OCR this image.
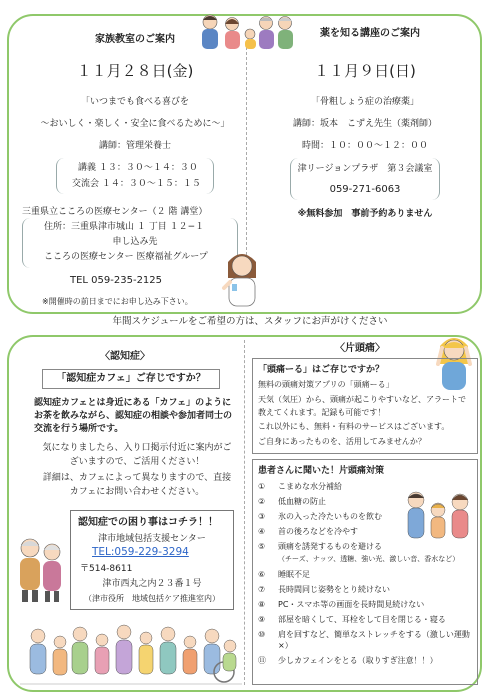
家族教室のご案内
１１月２８日(金)
「いつまでも食べる喜びを
～おいしく・楽しく・安全に食べるために～」
講師：管理栄養士
講義 １３：３０～１４：３０
交流会 １４：３０～１５：１５
三重県立こころの医療センター（２ 階 講堂）
住所：三重県津市城山 １ 丁目 １２−１
申し込み先
こころの医療センター 医療福祉グループ
TEL 059-235-2125
※開催時の前日までにお申し込み下さい。
薬を知る講座のご案内
１１月９日(日)
「骨粗しょう症の治療薬」
講師：坂本　こずえ先生（薬剤師）
時間：１０：００～１２：００
津リージョンプラザ　第３会議室
059-271-6063
※無料参加　事前予約ありません
年間スケジュールをご希望の方は、スタッフにお声がけください
〈認知症〉
「認知症カフェ」ご存じですか？
認知症カフェとは身近にある「カフェ」のようにお茶を飲みながら、認知症の相談や参加者同士の交流を行う場所です。
気になりましたら、入り口掲示付近に案内がございますので、ご活用ください！
詳細は、カフェによって異なりますので、直接カフェにお問い合わせください。
認知症での困り事はコチラ！！
津市地域包括支援センター
TEL:059-229-3294
〒514-8611
津市西丸之内２３番１号
（津市役所　地域包括ケア推進室内）
〈片頭痛〉
「頭痛ーる」はご存じですか？
無料の頭痛対策アプリの「頭痛ーる」
天気（気圧）から、頭痛が起こりやすいなど、アラートで教えてくれます。記録も可能です！
これ以外にも、無料・有料のサービスはございます。
ご自身にあったものを、活用してみませんか？
患者さんに聞いた！片頭痛対策
①	こまめな水分補給
②	低血糖の防止
③	氷の入った冷たいものを飲む
④	首の後ろなどを冷やす
⑤	頭痛を誘発するものを避ける
（チーズ、ナッツ、透糖、強い光、激しい音、香水など）
⑥	睡眠不足
⑦	長時間同じ姿勢をとり続けない
⑧	PC・スマホ等の画面を長時間見続けない
⑨	部屋を暗くして、耳栓をして目を閉じる・寝る
⑩	肩を回すなど、簡単なストレッチをする（激しい運動×）
⑪	少しカフェインをとる（取りすぎ注意！！）
